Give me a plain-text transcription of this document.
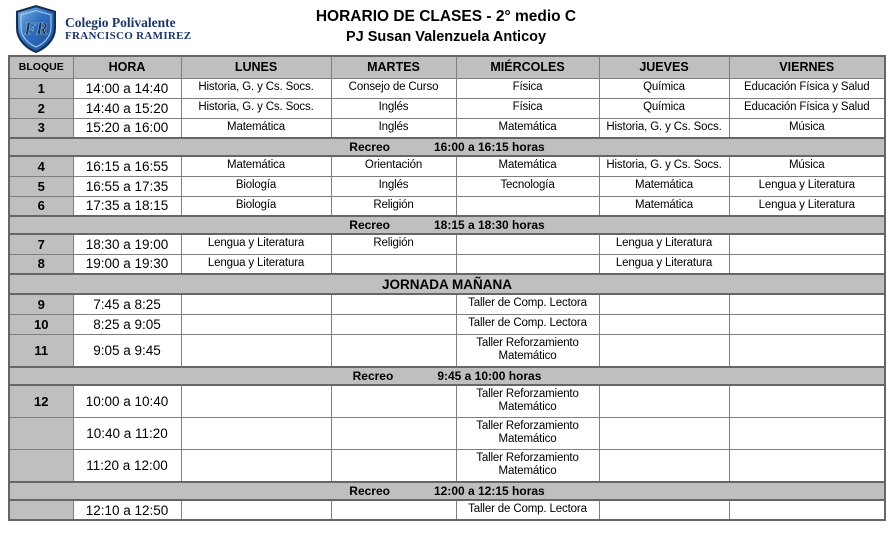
FR Colegio Polivalente
FRANCISCO RAMIREZ
HORARIO DE CLASES - 2° medio C
PJ Susan Valenzuela Anticoy
BLOQUE	HORA	LUNES	MARTES	MIÉRCOLES	JUEVES	VIERNES
1	14:00 a 14:40	Historia, G. y Cs. Socs.	Consejo de Curso	Física	Química	Educación Física y Salud
2	14:40 a 15:20	Historia, G. y Cs. Socs.	Inglés	Física	Química	Educación Física y Salud
3	15:20 a 16:00	Matemática	Inglés	Matemática	Historia, G. y Cs. Socs.	Música
Recreo 16:00 a 16:15 horas						
4	16:15 a 16:55	Matemática	Orientación	Matemática	Historia, G. y Cs. Socs.	Música
5	16:55 a 17:35	Biología	Inglés	Tecnología	Matemática	Lengua y Literatura
6	17:35 a 18:15	Biología	Religión		Matemática	Lengua y Literatura
Recreo 18:15 a 18:30 horas						
7	18:30 a 19:00	Lengua y Literatura	Religión		Lengua y Literatura	
8	19:00 a 19:30	Lengua y Literatura			Lengua y Literatura	
JORNADA MAÑANA						
9	7:45 a 8:25			Taller de Comp. Lectora		
10	8:25 a 9:05			Taller de Comp. Lectora		
11	9:05 a 9:45			Taller Reforzamiento Matemático		
Recreo 9:45 a 10:00 horas						
12	10:00 a 10:40			Taller Reforzamiento Matemático		
	10:40 a 11:20			Taller Reforzamiento Matemático		
	11:20 a 12:00			Taller Reforzamiento Matemático		
Recreo 12:00 a 12:15 horas						
	12:10 a 12:50			Taller de Comp. Lectora		
